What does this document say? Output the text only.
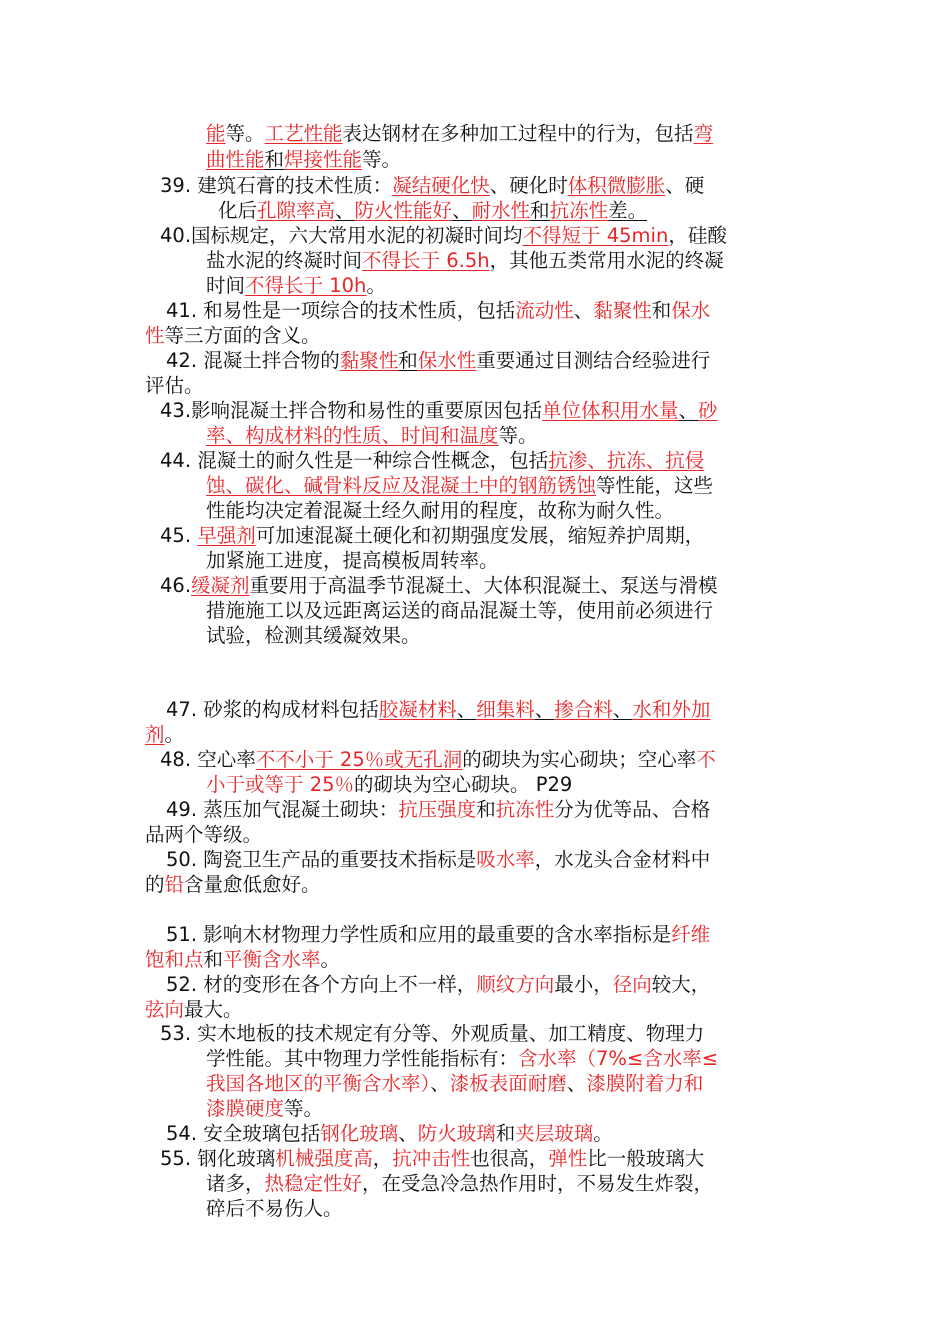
能等。工艺性能表达钢材在多种加工过程中的行为，包括弯
曲性能和焊接性能等。
39. 建筑石膏的技术性质：凝结硬化快、硬化时体积微膨胀、硬
化后孔隙率高、防火性能好、耐水性和抗冻性差。
40.国标规定，六大常用水泥的初凝时间均不得短于 45min，硅酸
盐水泥的终凝时间不得长于 6.5h，其他五类常用水泥的终凝
时间不得长于 10h。
41. 和易性是一项综合的技术性质，包括流动性、黏聚性和保水
性等三方面的含义。
42. 混凝土拌合物的黏聚性和保水性重要通过目测结合经验进行
评估。
43.影响混凝土拌合物和易性的重要原因包括单位体积用水量、砂
率、构成材料的性质、时间和温度等。
44. 混凝土的耐久性是一种综合性概念，包括抗渗、抗冻、抗侵
蚀、碳化、碱骨料反应及混凝土中的钢筋锈蚀等性能，这些
性能均决定着混凝土经久耐用的程度，故称为耐久性。
45. 早强剂可加速混凝土硬化和初期强度发展，缩短养护周期，
加紧施工进度，提高模板周转率。
46.缓凝剂重要用于高温季节混凝土、大体积混凝土、泵送与滑模
措施施工以及远距离运送的商品混凝土等，使用前必须进行
试验，检测其缓凝效果。
47. 砂浆的构成材料包括胶凝材料、细集料、掺合料、水和外加
剂。
48. 空心率不不小于 25％或无孔洞的砌块为实心砌块；空心率不
小于或等于 25％的砌块为空心砌块。 P29
49. 蒸压加气混凝土砌块：抗压强度和抗冻性分为优等品、合格
品两个等级。
50. 陶瓷卫生产品的重要技术指标是吸水率，水龙头合金材料中
的铅含量愈低愈好。
51. 影响木材物理力学性质和应用的最重要的含水率指标是纤维
饱和点和平衡含水率。
52. 材的变形在各个方向上不一样，顺纹方向最小，径向较大，
弦向最大。
53. 实木地板的技术规定有分等、外观质量、加工精度、物理力
学性能。其中物理力学性能指标有：含水率（7%≤含水率≤
我国各地区的平衡含水率）、漆板表面耐磨、漆膜附着力和
漆膜硬度等。
54. 安全玻璃包括钢化玻璃、防火玻璃和夹层玻璃。
55. 钢化玻璃机械强度高，抗冲击性也很高，弹性比一般玻璃大
诸多，热稳定性好，在受急冷急热作用时，不易发生炸裂，
碎后不易伤人。
